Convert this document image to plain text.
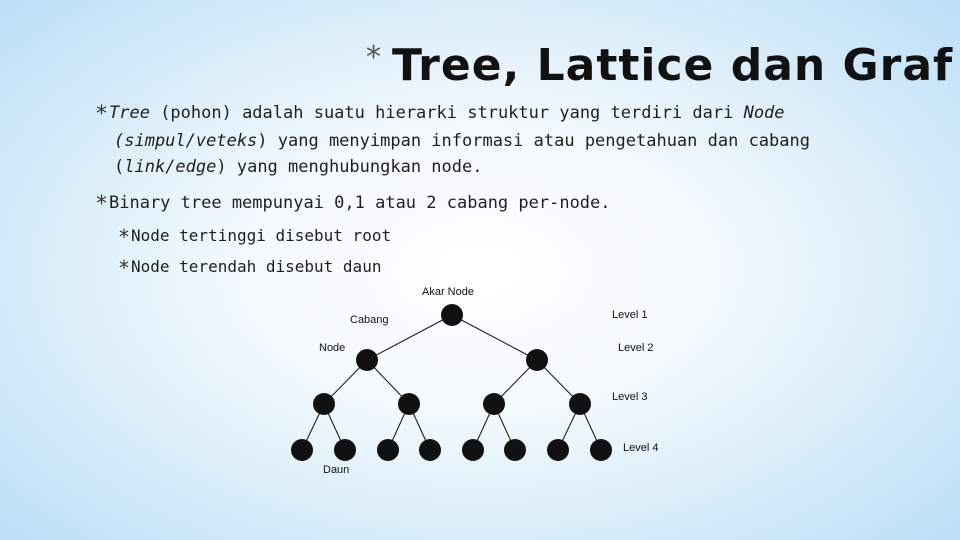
* Tree, Lattice dan Graf
* Tree (pohon) adalah suatu hierarki struktur yang terdiri dari Node
(simpul/veteks) yang menyimpan informasi atau pengetahuan dan cabang
(link/edge) yang menghubungkan node.
* Binary tree mempunyai 0,1 atau 2 cabang per-node.
* Node tertinggi disebut root
* Node terendah disebut daun
Akar Node
Cabang
Node
Daun
Level 1
Level 2
Level 3
Level 4
